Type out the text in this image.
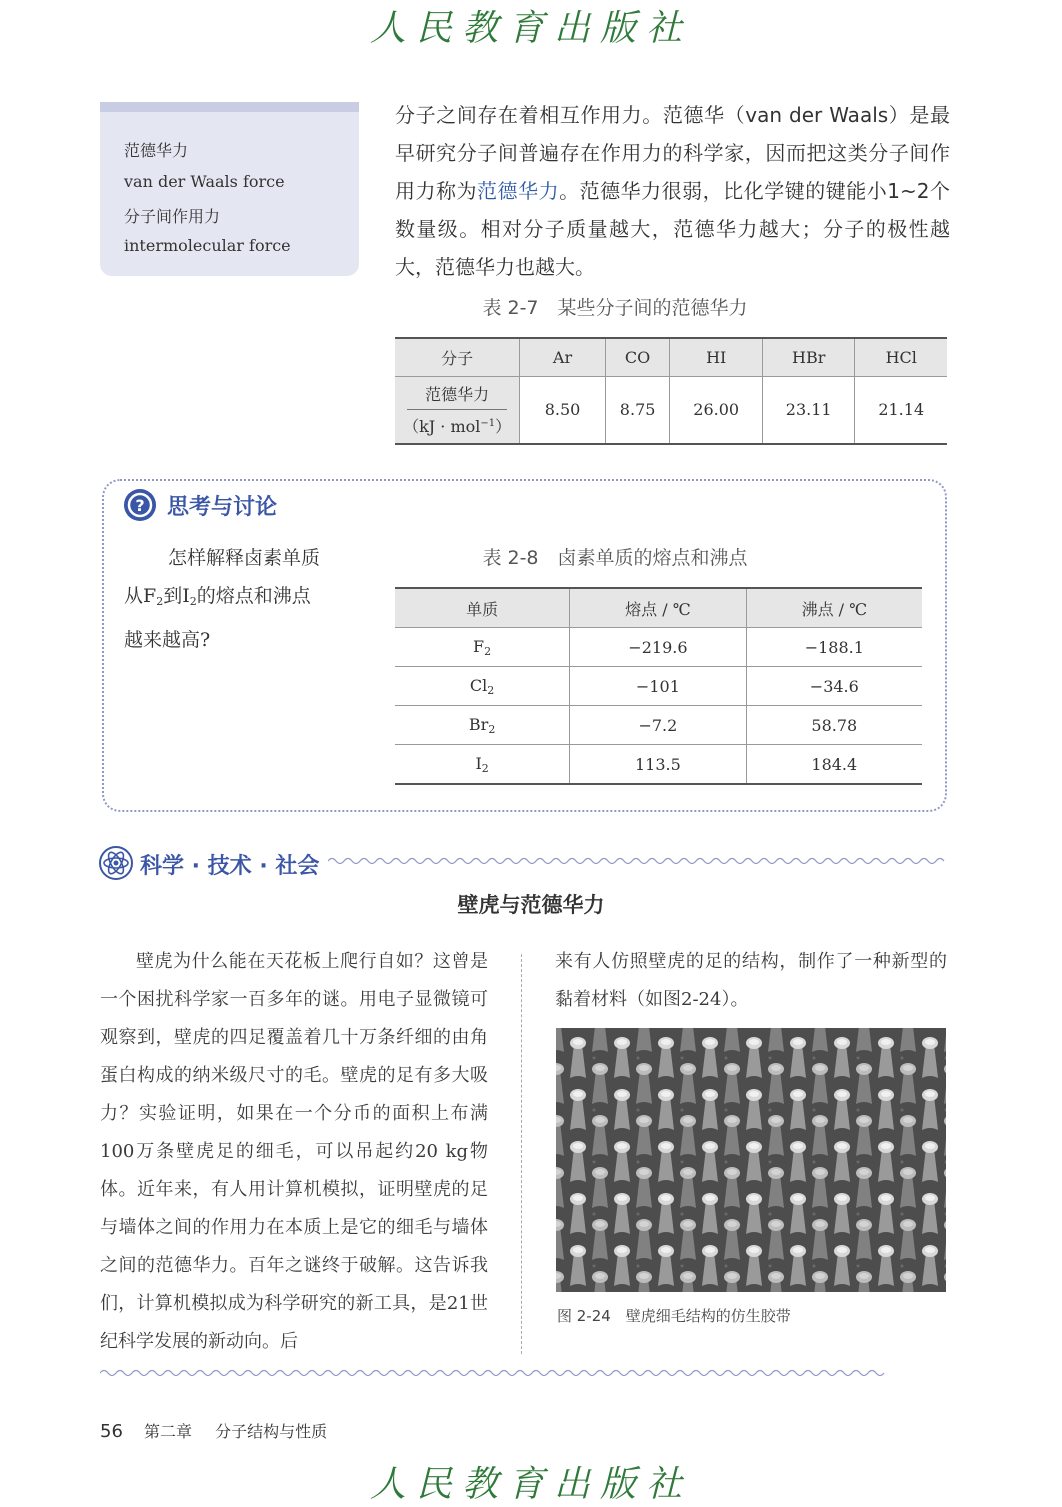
人民教育出版社
范德华力
van der Waals force
分子间作用力
intermolecular force
分子之间存在着相互作用力。范德华（van der Waals）是最早研究分子间普遍存在作用力的科学家，因而把这类分子间作用力称为范德华力。范德华力很弱，比化学键的键能小1~2个数量级。相对分子质量越大，范德华力越大；分子的极性越大，范德华力也越大。
表 2-7　某些分子间的范德华力
分子	Ar	CO	HI	HBr	HCl

范德华力
（kJ · mol$^{-1}$）	8.50	8.75	26.00	23.11	21.14
? 思考与讨论
怎样解释卤素单质
从$F_2$到$I_2$的熔点和沸点
越来越高?
表 2-8　卤素单质的熔点和沸点
单质	熔点 / ℃	沸点 / ℃
$F_2$	−219.6	−188.1
$Cl_2$	−101	−34.6
$Br_2$	−7.2	58.78
$I_2$	113.5	184.4
科学 · 技术 · 社会
壁虎与范德华力
壁虎为什么能在天花板上爬行自如？这曾是一个困扰科学家一百多年的谜。用电子显微镜可观察到，壁虎的四足覆盖着几十万条纤细的由角蛋白构成的纳米级尺寸的毛。壁虎的足有多大吸力？实验证明，如果在一个分币的面积上布满100万条壁虎足的细毛，可以吊起约20 kg物体。近年来，有人用计算机模拟，证明壁虎的足与墙体之间的作用力在本质上是它的细毛与墙体之间的范德华力。百年之谜终于破解。这告诉我们，计算机模拟成为科学研究的新工具，是21世纪科学发展的新动向。后
来有人仿照壁虎的足的结构，制作了一种新型的黏着材料（如图2-24）。
图 2-24　壁虎细毛结构的仿生胶带
56 第二章 分子结构与性质
人民教育出版社
